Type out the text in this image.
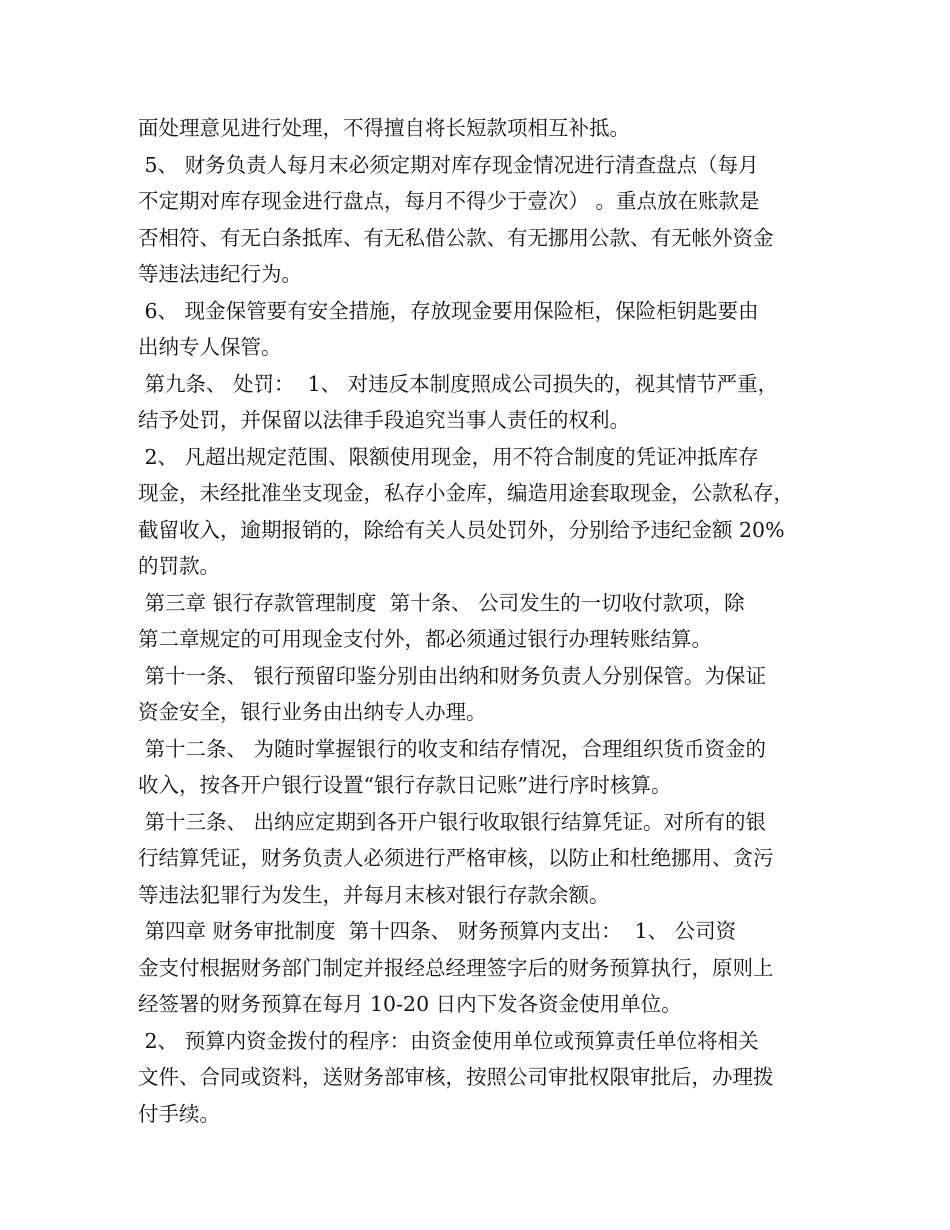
面处理意见进行处理，不得擅自将长短款项相互补抵。
5、 财务负责人每月末必须定期对库存现金情况进行清查盘点（每月
不定期对库存现金进行盘点，每月不得少于壹次） 。重点放在账款是
否相符、有无白条抵库、有无私借公款、有无挪用公款、有无帐外资金
等违法违纪行为。
6、 现金保管要有安全措施，存放现金要用保险柜，保险柜钥匙要由
出纳专人保管。
第九条、 处罚：  1、 对违反本制度照成公司损失的，视其情节严重，
结予处罚，并保留以法律手段追究当事人责任的权利。
2、 凡超出规定范围、限额使用现金，用不符合制度的凭证冲抵库存
现金，未经批准坐支现金，私存小金库，编造用途套取现金，公款私存，
截留收入，逾期报销的，除给有关人员处罚外，分别给予违纪金额 20%
的罚款。
第三章 银行存款管理制度  第十条、 公司发生的一切收付款项，除
第二章规定的可用现金支付外，都必须通过银行办理转账结算。
第十一条、 银行预留印鉴分别由出纳和财务负责人分别保管。为保证
资金安全，银行业务由出纳专人办理。
第十二条、 为随时掌握银行的收支和结存情况，合理组织货币资金的
收入，按各开户银行设置“银行存款日记账”进行序时核算。
第十三条、 出纳应定期到各开户银行收取银行结算凭证。对所有的银
行结算凭证，财务负责人必须进行严格审核，以防止和杜绝挪用、贪污
等违法犯罪行为发生，并每月末核对银行存款余额。
第四章 财务审批制度  第十四条、 财务预算内支出：  1、 公司资
金支付根据财务部门制定并报经总经理签字后的财务预算执行，原则上
经签署的财务预算在每月 10-20 日内下发各资金使用单位。
2、 预算内资金拨付的程序：由资金使用单位或预算责任单位将相关
文件、合同或资料，送财务部审核，按照公司审批权限审批后，办理拨
付手续。
